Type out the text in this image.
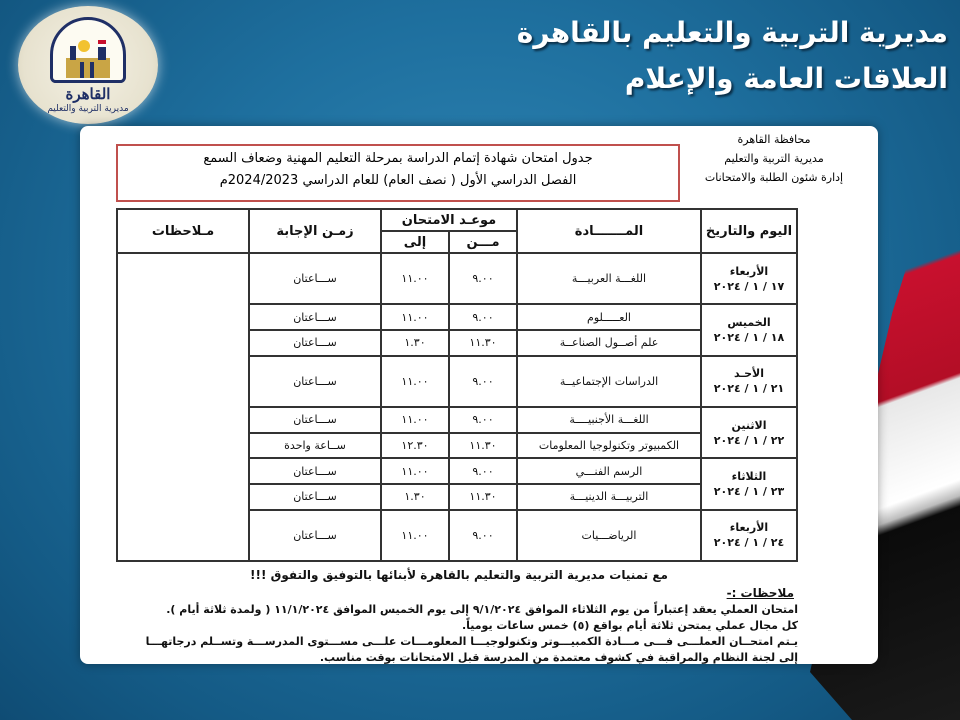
القاهرة
مديرية التربية والتعليم
مديرية التربية والتعليم بالقاهرة
العلاقات العامة والإعلام
محافظة القاهرة
مديرية التربية والتعليم
إدارة شئون الطلبة والامتحانات
جدول امتحان شهادة إتمام الدراسة بمرحلة التعليم المهنية وضعاف السمع
الفصل الدراسي الأول ( نصف العام) للعام الدراسي 2024/2023م
اليوم والتاريخ	المـــــــادة	موعـد الامتحان		زمـن الإجابة	مـلاحظات
		مـــن	إلى		

الأربعاء
١٧ / ١ / ٢٠٢٤	اللغـــة العربيـــة	٩.٠٠	١١.٠٠	ســـاعتان	

الخميس
١٨ / ١ / ٢٠٢٤	العـــــلوم	٩.٠٠	١١.٠٠	ســـاعتان	
	علم أصــول الصناعــة	١١.٣٠	١.٣٠	ســـاعتان	

الأحـد
٢١ / ١ / ٢٠٢٤	الدراسات الإجتماعيــة	٩.٠٠	١١.٠٠	ســـاعتان	

الاثنين
٢٢ / ١ / ٢٠٢٤	اللغـــة الأجنبيــــة	٩.٠٠	١١.٠٠	ســـاعتان	
	الكمبيوتر وتكنولوجيا المعلومات	١١.٣٠	١٢.٣٠	ســاعة واحدة	

الثلاثاء
٢٣ / ١ / ٢٠٢٤	الرسم الفنـــي	٩.٠٠	١١.٠٠	ســـاعتان	
	التربيـــة الدينيـــة	١١.٣٠	١.٣٠	ســـاعتان	

الأربعاء
٢٤ / ١ / ٢٠٢٤	الرياضـــيات	٩.٠٠	١١.٠٠	ســـاعتان	
مع تمنيات مديرية التربية والتعليم بالقاهرة لأبنائها بالتوفيق والتفوق !!!
ملاحظات :-
امتحان العملي يعقد إعتباراً من يوم الثلاثاء الموافق ٩/١/٢٠٢٤ إلى يوم الخميس الموافق ١١/١/٢٠٢٤ ( ولمدة ثلاثة أيام ).
كل مجال عملي يمتحن ثلاثة أيام بواقع (٥) خمس ساعات يومياً.
يـتم امتحــان العملـــى فـــى مـــادة الكمبيـــوتر وتكنولوجيـــا المعلومـــات علـــى مســـتوى المدرســـة وتســلم درجاتهـــا
إلى لجنة النظام والمراقبة في كشوف معتمدة من المدرسة قبل الامتحانات بوقت مناسب.
